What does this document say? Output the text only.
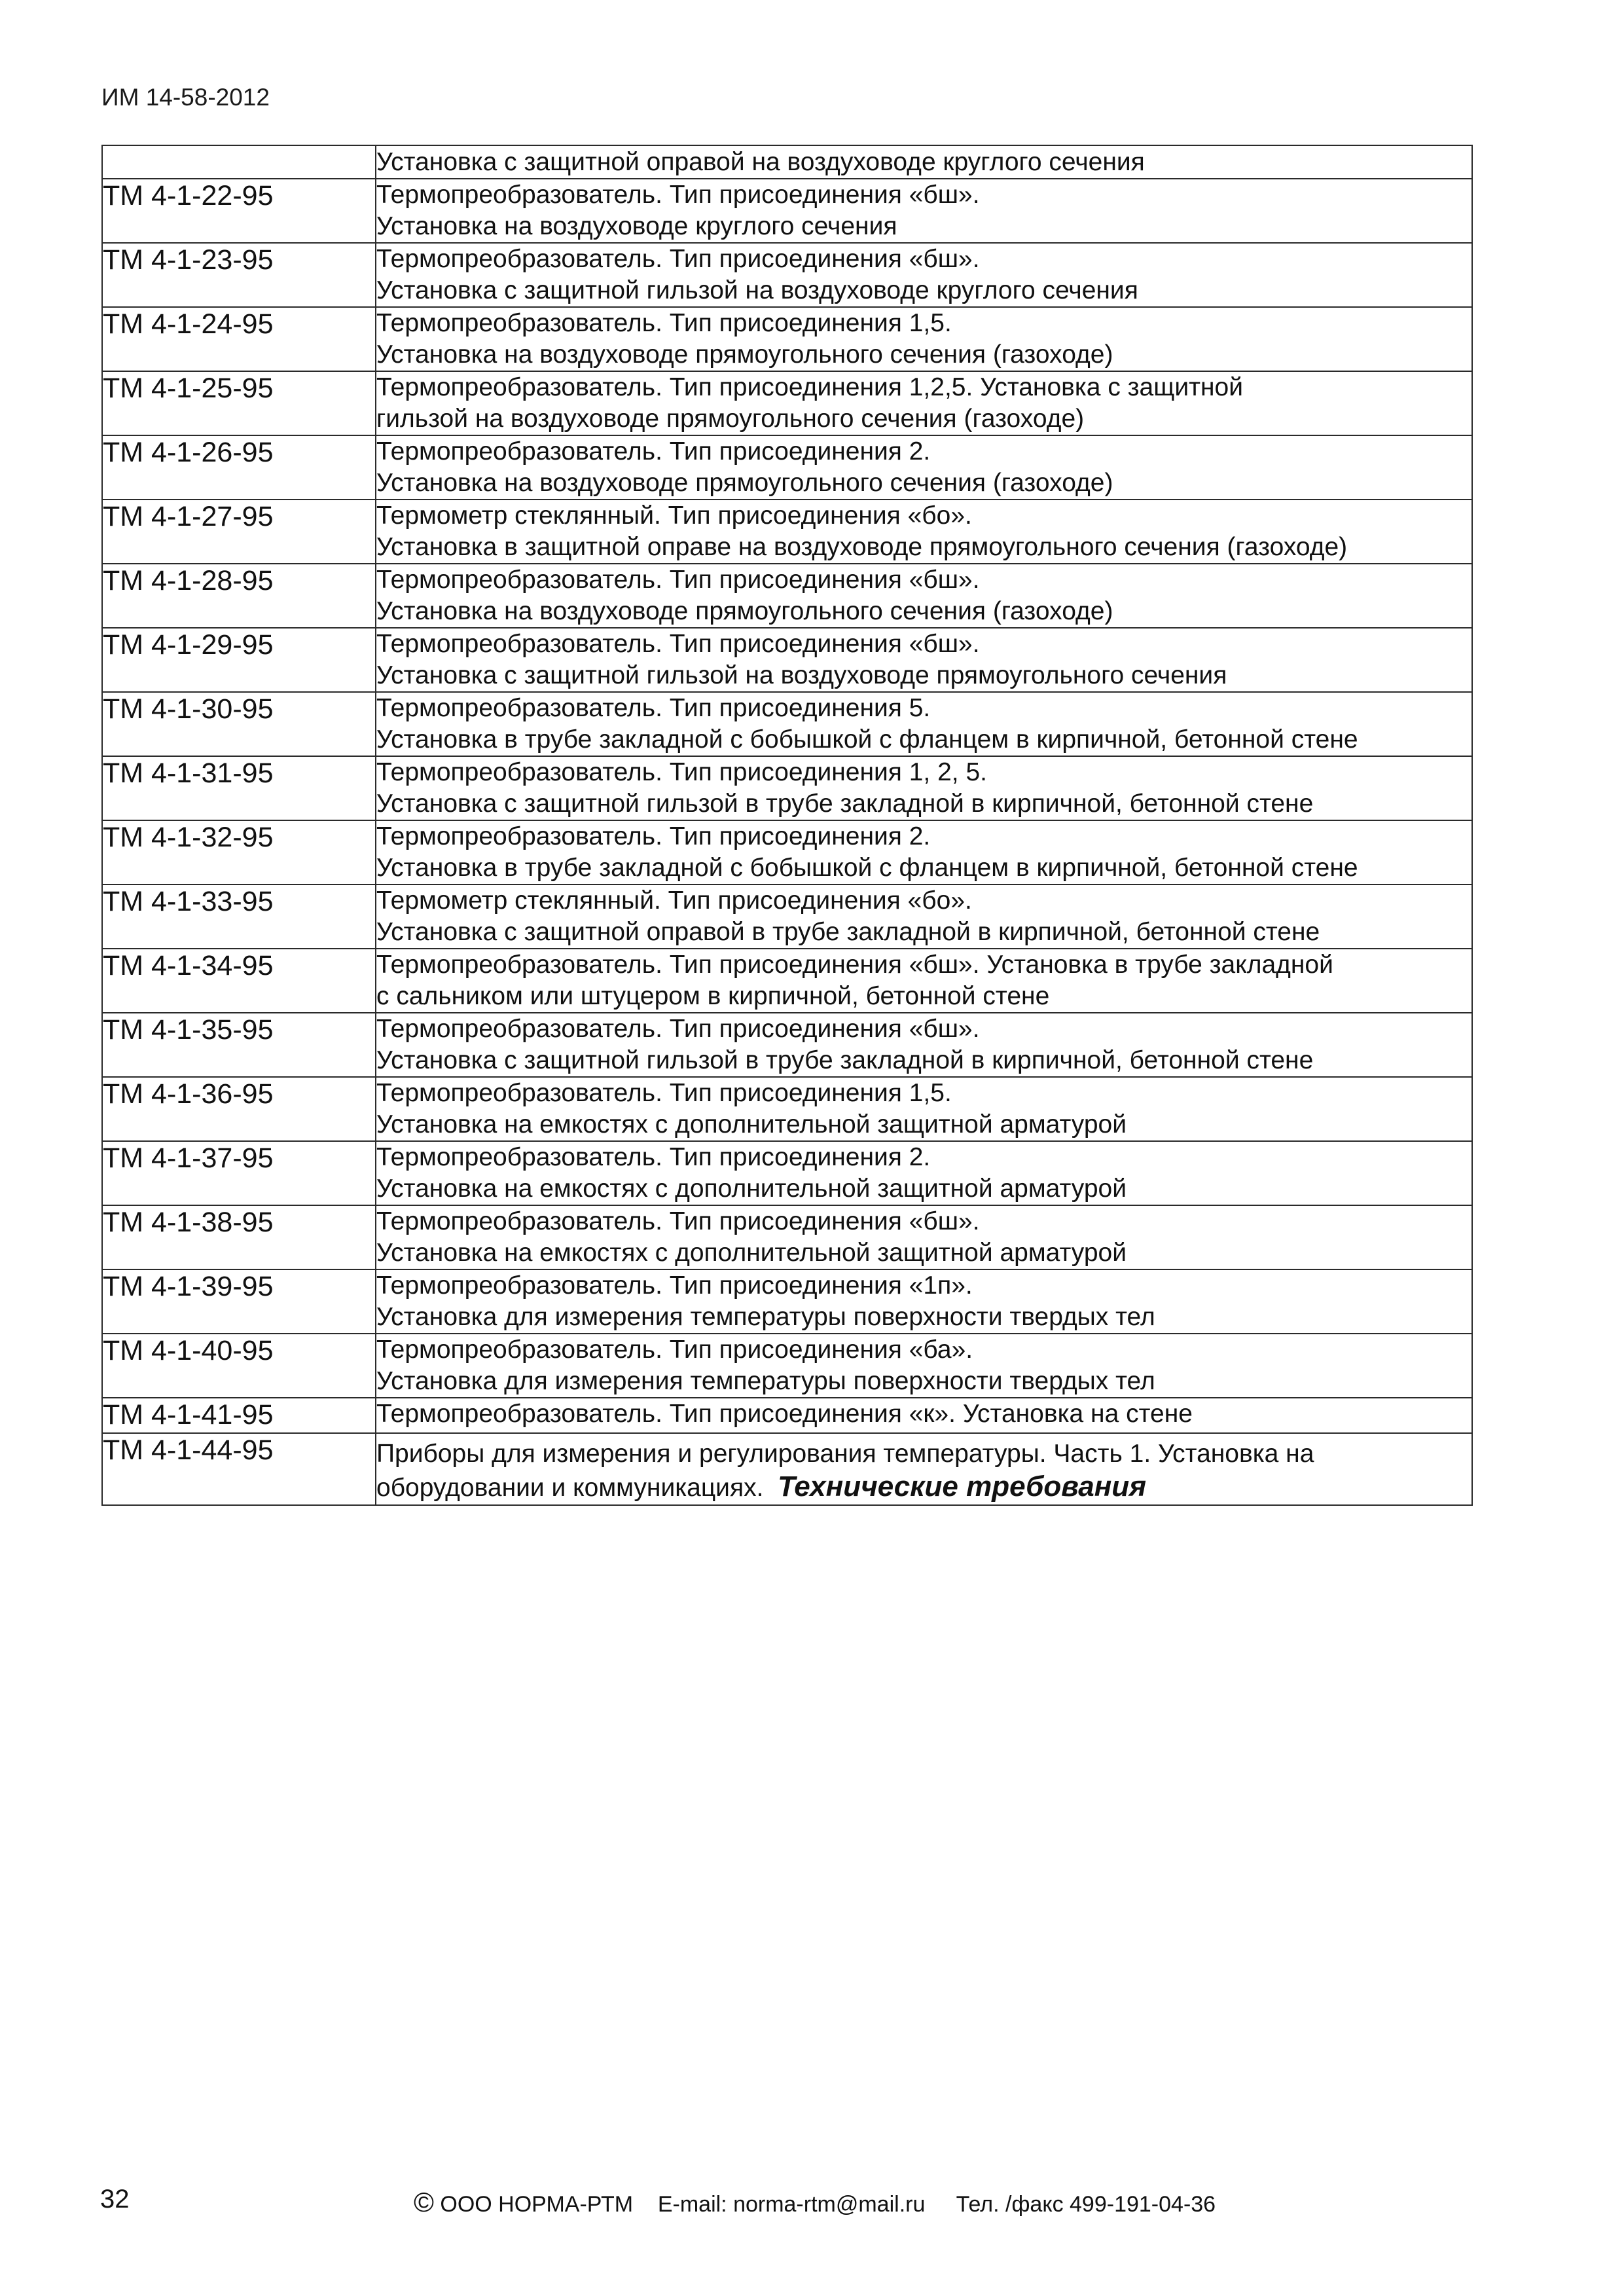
ИМ 14-58-2012
	Установка с защитной оправой на воздуховоде круглого сечения
ТМ 4-1-22-95	Термопреобразователь. Тип присоединения «бш».
Установка на воздуховоде круглого сечения

ТМ 4-1-23-95	Термопреобразователь. Тип присоединения «бш».
Установка с защитной гильзой на воздуховоде круглого сечения

ТМ 4-1-24-95	Термопреобразователь. Тип присоединения 1,5.
Установка на воздуховоде прямоугольного сечения (газоходе)

ТМ 4-1-25-95	Термопреобразователь. Тип присоединения 1,2,5. Установка с защитной
гильзой на воздуховоде прямоугольного сечения (газоходе)

ТМ 4-1-26-95	Термопреобразователь. Тип присоединения 2.
Установка на воздуховоде прямоугольного сечения (газоходе)

ТМ 4-1-27-95	Термометр стеклянный. Тип присоединения «бо».
Установка в защитной оправе на воздуховоде прямоугольного сечения (газоходе)

ТМ 4-1-28-95	Термопреобразователь. Тип присоединения «бш».
Установка на воздуховоде прямоугольного сечения (газоходе)

ТМ 4-1-29-95	Термопреобразователь. Тип присоединения «бш».
Установка с защитной гильзой на воздуховоде прямоугольного сечения

ТМ 4-1-30-95	Термопреобразователь. Тип присоединения 5.
Установка в трубе закладной с бобышкой с фланцем в кирпичной, бетонной стене

ТМ 4-1-31-95	Термопреобразователь. Тип присоединения 1, 2, 5.
Установка с защитной гильзой в трубе закладной в кирпичной, бетонной стене

ТМ 4-1-32-95	Термопреобразователь. Тип присоединения 2.
Установка в трубе закладной с бобышкой с фланцем в кирпичной, бетонной стене

ТМ 4-1-33-95	Термометр стеклянный. Тип присоединения «бо».
Установка с защитной оправой в трубе закладной в кирпичной, бетонной стене

ТМ 4-1-34-95	Термопреобразователь. Тип присоединения «бш». Установка в трубе закладной
с сальником или штуцером в кирпичной, бетонной стене

ТМ 4-1-35-95	Термопреобразователь. Тип присоединения «бш».
Установка с защитной гильзой в трубе закладной в кирпичной, бетонной стене

ТМ 4-1-36-95	Термопреобразователь. Тип присоединения 1,5.
Установка на емкостях с дополнительной защитной арматурой

ТМ 4-1-37-95	Термопреобразователь. Тип присоединения 2.
Установка на емкостях с дополнительной защитной арматурой

ТМ 4-1-38-95	Термопреобразователь. Тип присоединения «бш».
Установка на емкостях с дополнительной защитной арматурой

ТМ 4-1-39-95	Термопреобразователь. Тип присоединения «1п».
Установка для измерения температуры поверхности твердых тел

ТМ 4-1-40-95	Термопреобразователь. Тип присоединения «ба».
Установка для измерения температуры поверхности твердых тел

ТМ 4-1-41-95	Термопреобразователь. Тип присоединения «к». Установка на стене

ТМ 4-1-44-95	Приборы для измерения и регулирования температуры. Часть 1. Установка на
оборудовании и коммуникациях.  Технические требования
32	© ООО НОРМА-РТМ    E-mail: norma-rtm@mail.ru     Тел. /факс 499-191-04-36
